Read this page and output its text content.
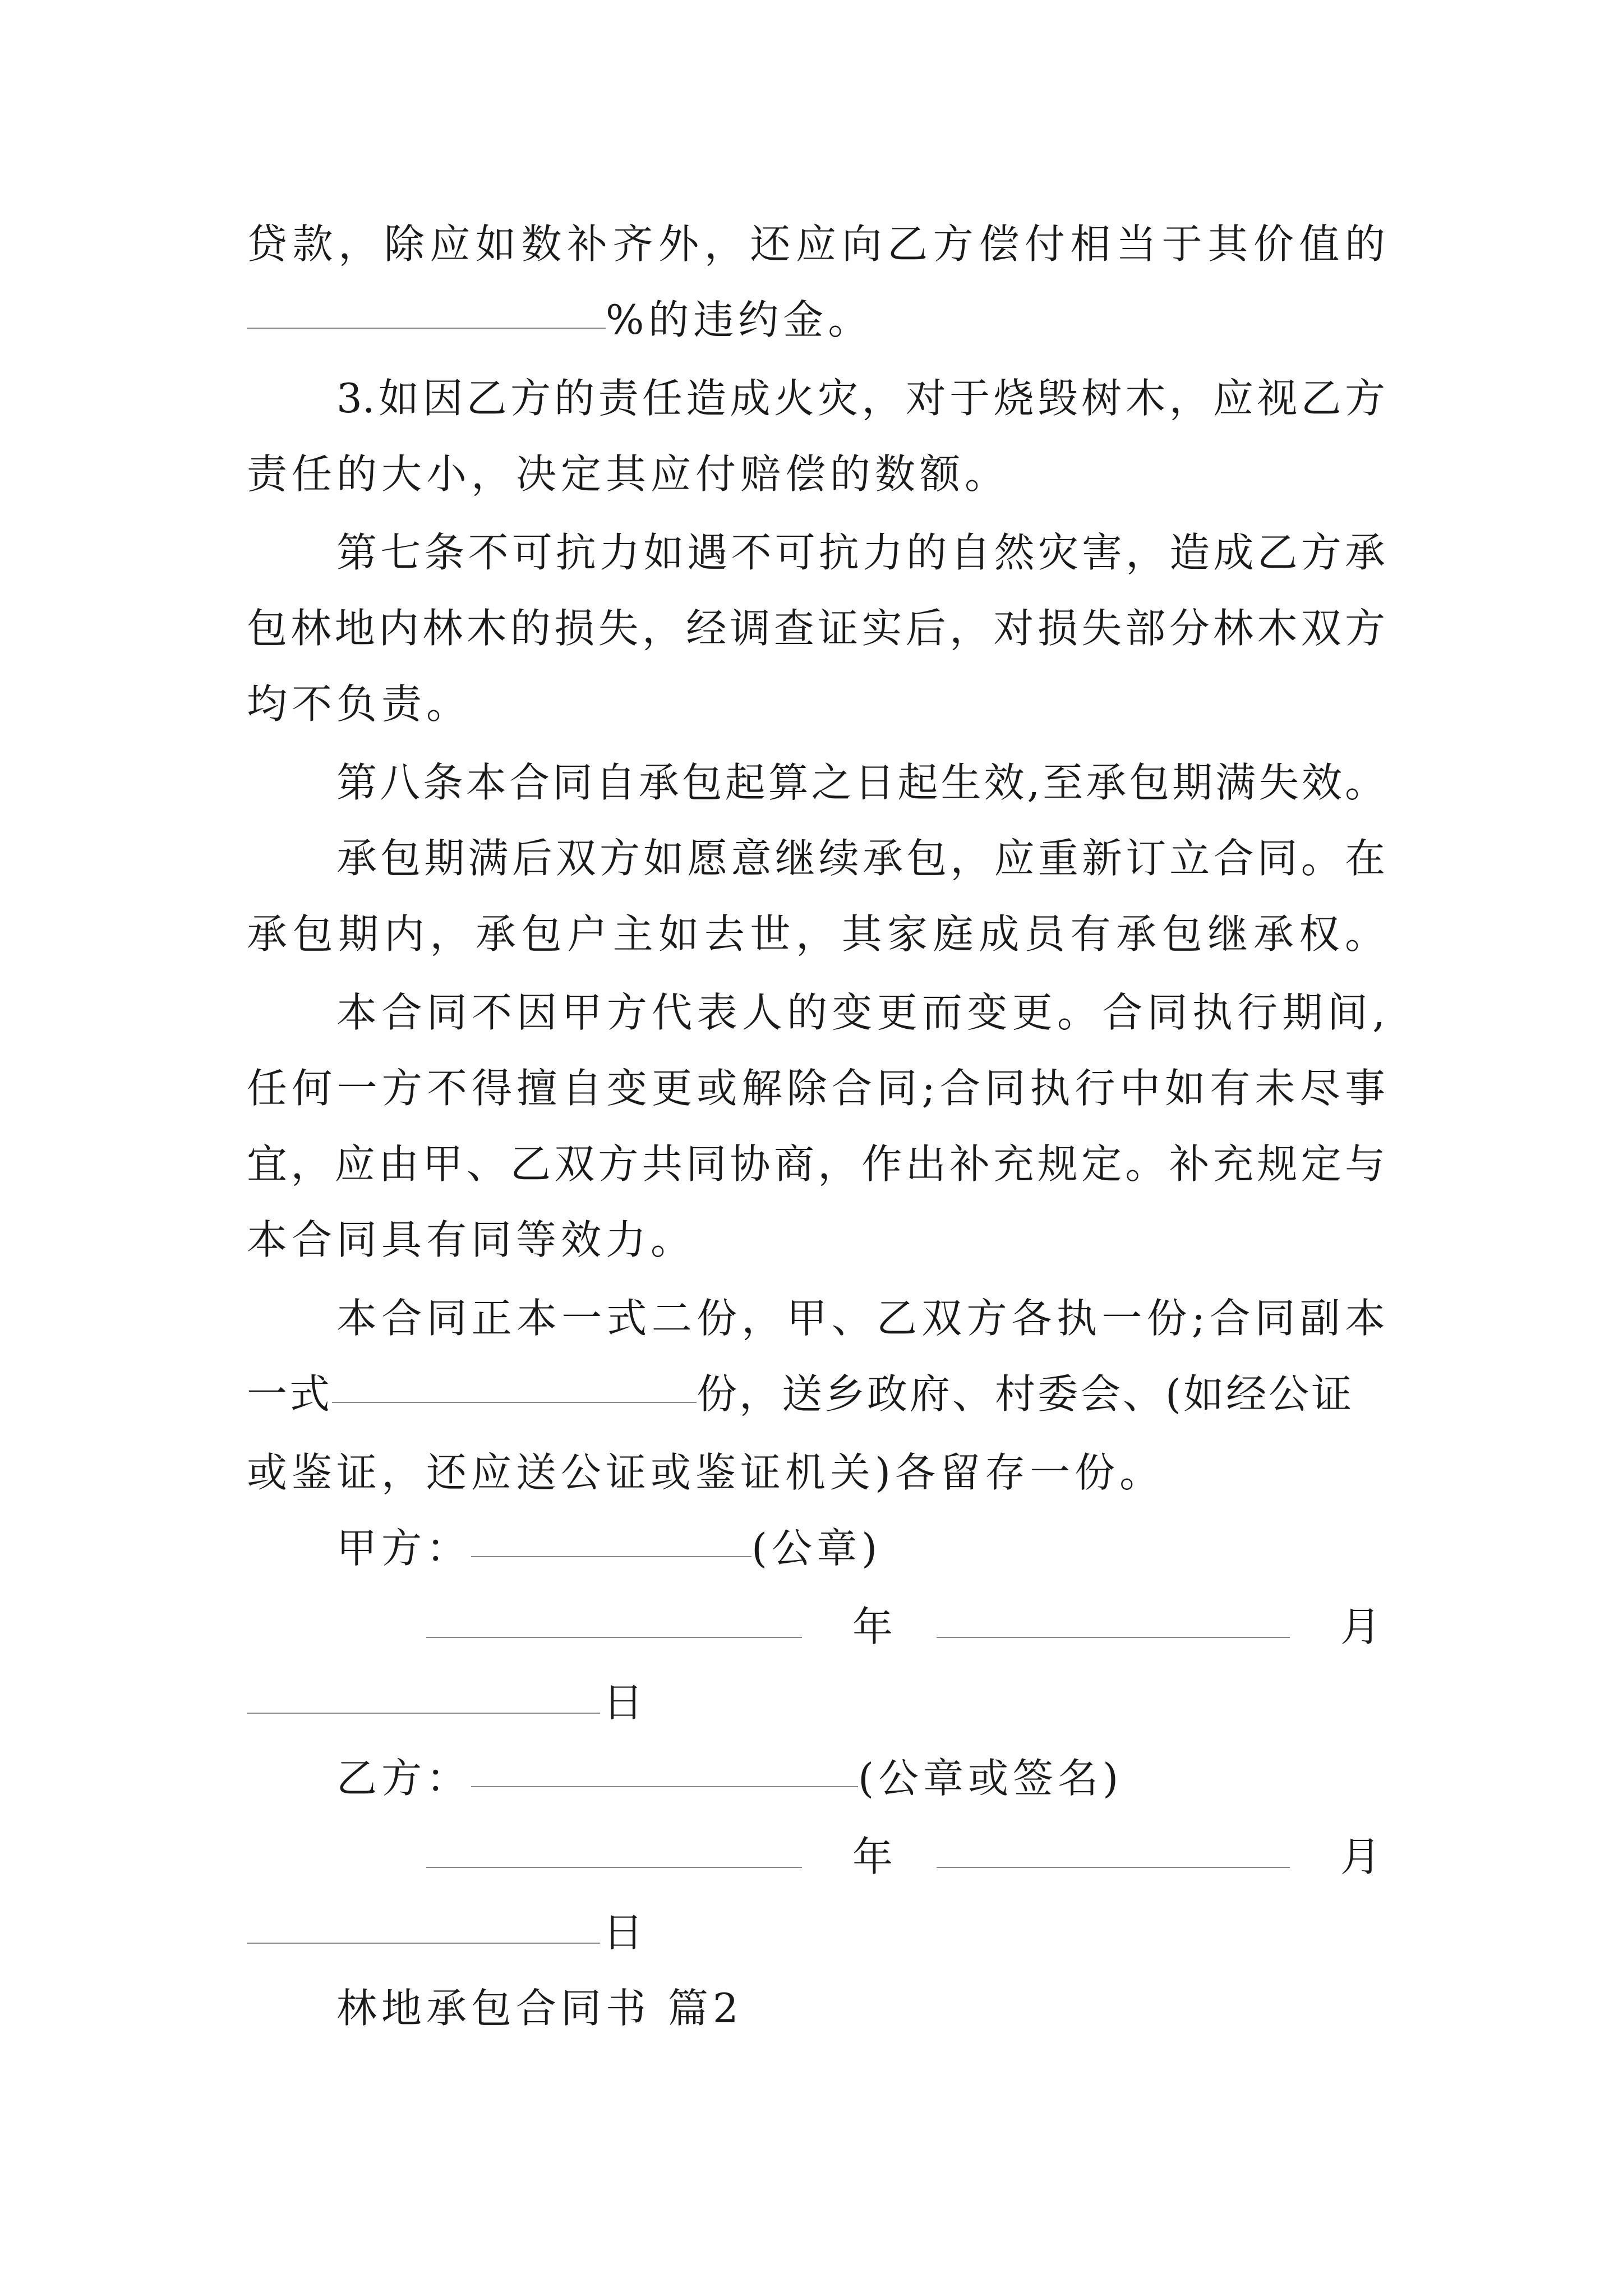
贷款，除应如数补齐外，还应向乙方偿付相当于其价值的
%的违约金。
3.如因乙方的责任造成火灾，对于烧毁树木，应视乙方
责任的大小，决定其应付赔偿的数额。
第七条不可抗力如遇不可抗力的自然灾害，造成乙方承
包林地内林木的损失，经调查证实后，对损失部分林木双方
均不负责。
第八条本合同自承包起算之日起生效,至承包期满失效。
承包期满后双方如愿意继续承包，应重新订立合同。在
承包期内，承包户主如去世，其家庭成员有承包继承权。
本合同不因甲方代表人的变更而变更。合同执行期间,
任何一方不得擅自变更或解除合同;合同执行中如有未尽事
宜，应由甲、乙双方共同协商，作出补充规定。补充规定与
本合同具有同等效力。
本合同正本一式二份，甲、乙双方各执一份;合同副本
一式	份，送乡政府、村委会、(如经公证
或鉴证，还应送公证或鉴证机关)各留存一份。
甲方：	(公章)
年	月
日
乙方：	(公章或签名)
年	月
日
林地承包合同书 篇2
